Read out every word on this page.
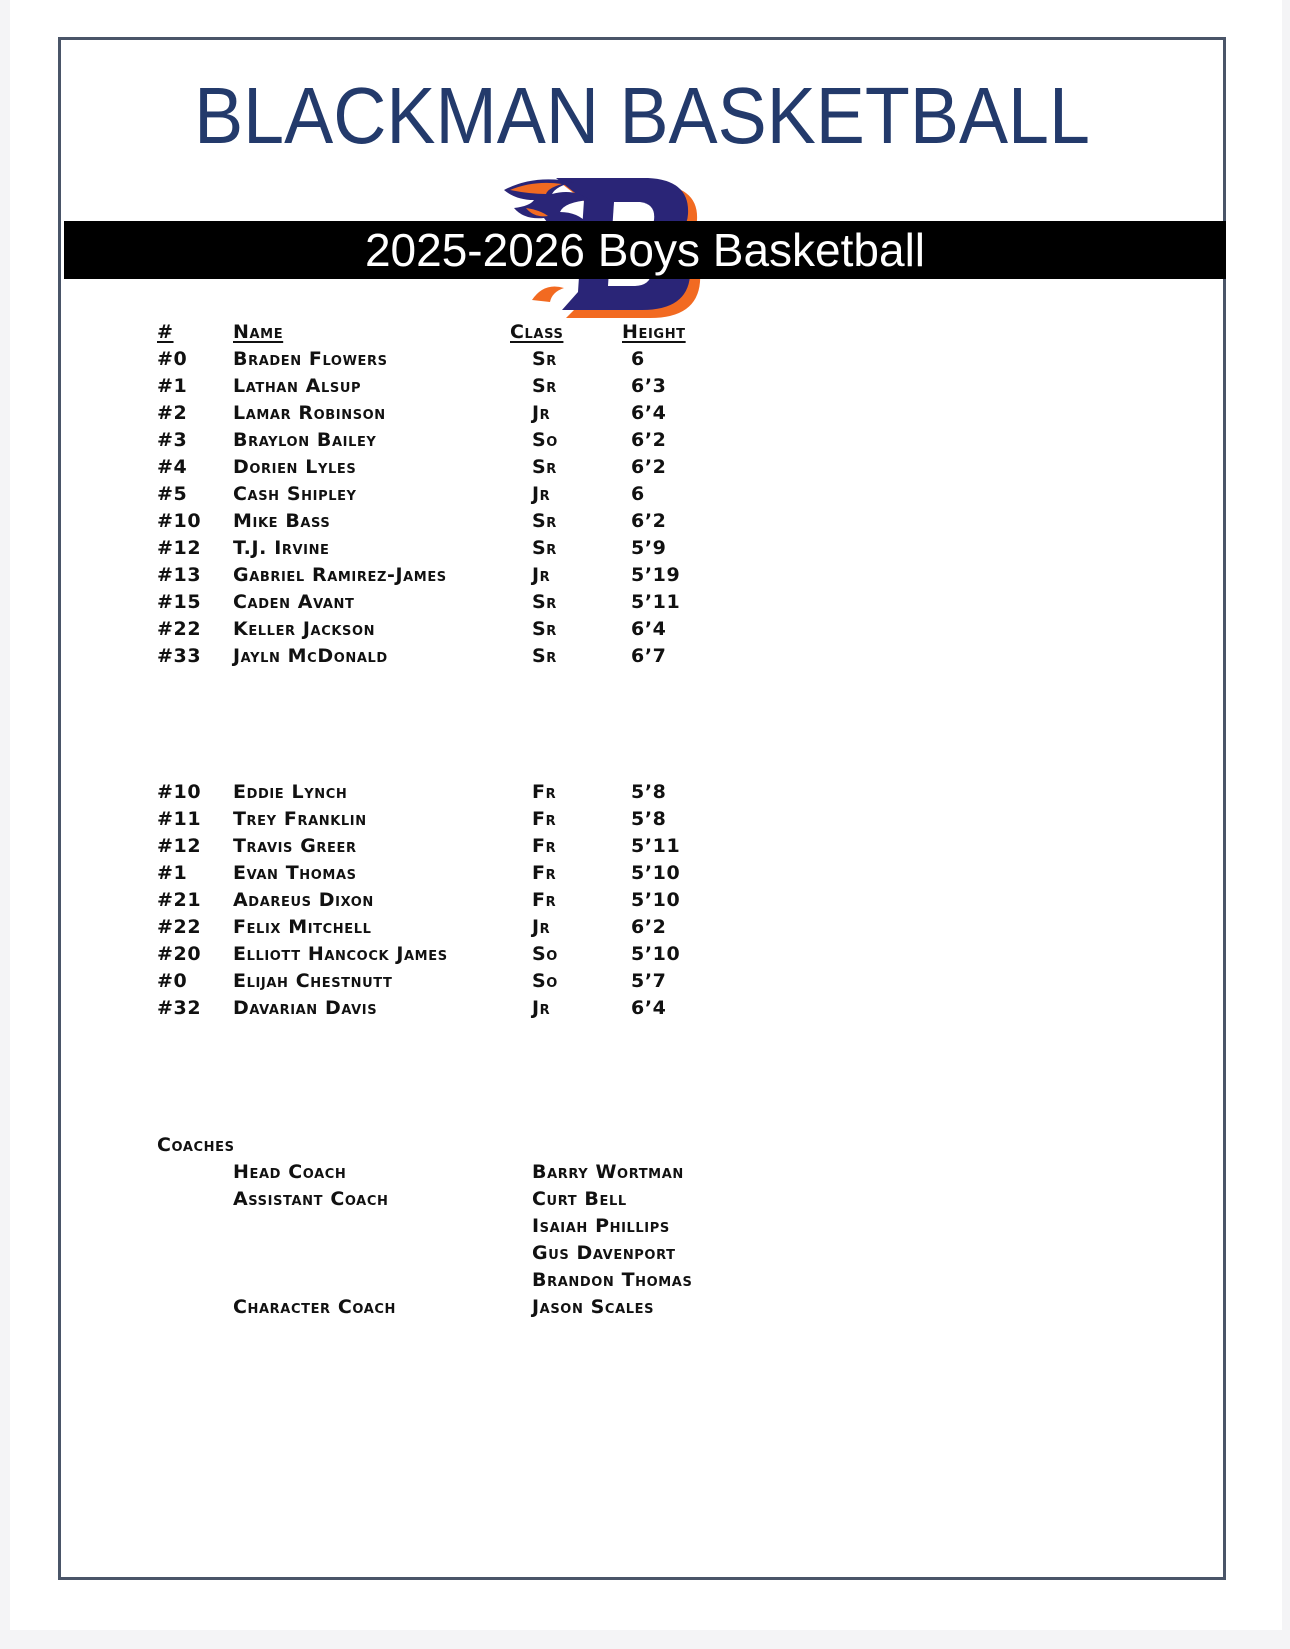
BLACKMAN BASKETBALL
2025-2026 Boys Basketball
#	Name	Class	Height
#0 Braden Flowers	Sr	6
#1 Lathan Alsup	Sr	6’3
#2 Lamar Robinson	Jr	6’4
#3 Braylon Bailey	So	6’2
#4 Dorien Lyles	Sr	6’2
#5 Cash Shipley	Jr	6
#10 Mike Bass	Sr	6’2
#12 T.J. Irvine	Sr	5’9
#13 Gabriel Ramirez-James	Jr	5’19
#15 Caden Avant	Sr	5’11
#22 Keller Jackson	Sr	6’4
#33 Jayln McDonald	Sr	6’7
#10 Eddie Lynch	Fr	5’8
#11 Trey Franklin	Fr	5’8
#12 Travis Greer	Fr	5’11
#1 Evan Thomas	Fr	5’10
#21 Adareus Dixon	Fr	5’10
#22 Felix Mitchell	Jr	6’2
#20 Elliott Hancock James	So	5’10
#0 Elijah Chestnutt	So	5’7
#32 Davarian Davis	Jr	6’4
Coaches
Head Coach	Barry Wortman
Assistant Coach	Curt Bell
Isaiah Phillips
Gus Davenport
Brandon Thomas
Character Coach	Jason Scales
